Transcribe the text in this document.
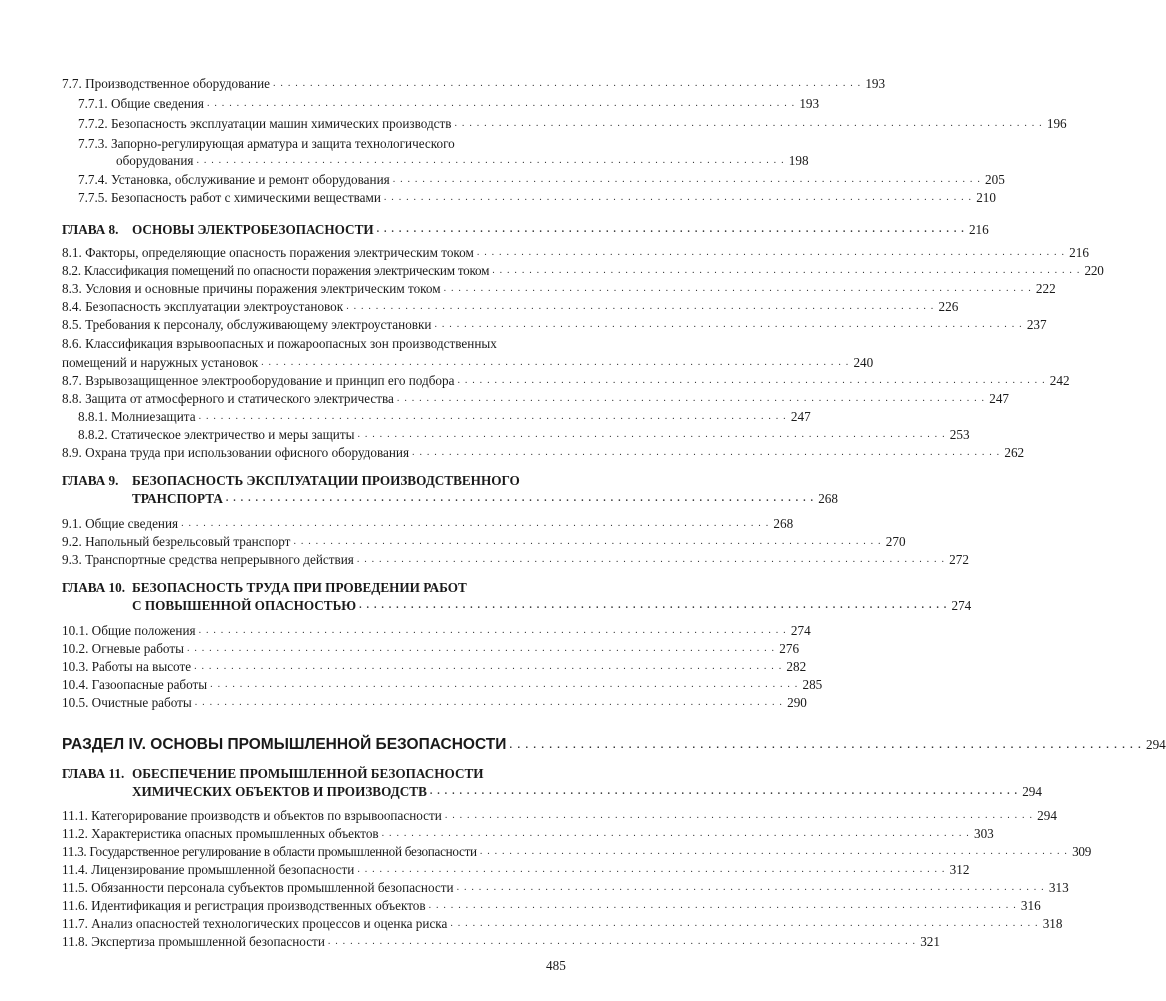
7.7. Производственное оборудование . . . . . . . . . . . . . . . . . . . . . . . . . . . . . . . . . . . . . . . . . . . . . . . . . . . . . . . . . . . . . . . . . . . . . . . . . . . . . . . . 193
7.7.1. Общие сведения . . . . . . . . . . . . . . . . . . . . . . . . . . . . . . . . . . . . . . . . . . . . . . . . . . . . . . . . . . . . . . . . . . . . . . . . . . . . . . . . 193
7.7.2. Безопасность эксплуатации машин химических производств . . . . . . . . . . . . . . . . . . . . . . . . . . . . . . . . . . . . . . . . . . . . . . . . . . . . . . . . . . . . . . . . . . . . . . . . . . . . . . . . 196
7.7.3. Запорно-регулирующая арматура и защита технологического
оборудования . . . . . . . . . . . . . . . . . . . . . . . . . . . . . . . . . . . . . . . . . . . . . . . . . . . . . . . . . . . . . . . . . . . . . . . . . . . . . . . . 198
7.7.4. Установка, обслуживание и ремонт оборудования . . . . . . . . . . . . . . . . . . . . . . . . . . . . . . . . . . . . . . . . . . . . . . . . . . . . . . . . . . . . . . . . . . . . . . . . . . . . . . . . 205
7.7.5. Безопасность работ с химическими веществами . . . . . . . . . . . . . . . . . . . . . . . . . . . . . . . . . . . . . . . . . . . . . . . . . . . . . . . . . . . . . . . . . . . . . . . . . . . . . . . . 210
ГЛАВА 8. ОСНОВЫ ЭЛЕКТРОБЕЗОПАСНОСТИ . . . . . . . . . . . . . . . . . . . . . . . . . . . . . . . . . . . . . . . . . . . . . . . . . . . . . . . . . . . . . . . . . . . . . . . . . . . . . . . . 216
8.1. Факторы, определяющие опасность поражения электрическим током . . . . . . . . . . . . . . . . . . . . . . . . . . . . . . . . . . . . . . . . . . . . . . . . . . . . . . . . . . . . . . . . . . . . . . . . . . . . . . . . 216
8.2. Классификация помещений по опасности поражения электрическим током . . . . . . . . . . . . . . . . . . . . . . . . . . . . . . . . . . . . . . . . . . . . . . . . . . . . . . . . . . . . . . . . . . . . . . . . . . . . . . . . 220
8.3. Условия и основные причины поражения электрическим током . . . . . . . . . . . . . . . . . . . . . . . . . . . . . . . . . . . . . . . . . . . . . . . . . . . . . . . . . . . . . . . . . . . . . . . . . . . . . . . . 222
8.4. Безопасность эксплуатации электроустановок . . . . . . . . . . . . . . . . . . . . . . . . . . . . . . . . . . . . . . . . . . . . . . . . . . . . . . . . . . . . . . . . . . . . . . . . . . . . . . . . 226
8.5. Требования к персоналу, обслуживающему электроустановки . . . . . . . . . . . . . . . . . . . . . . . . . . . . . . . . . . . . . . . . . . . . . . . . . . . . . . . . . . . . . . . . . . . . . . . . . . . . . . . . 237
8.6. Классификация взрывоопасных и пожароопасных зон производственных
помещений и наружных установок . . . . . . . . . . . . . . . . . . . . . . . . . . . . . . . . . . . . . . . . . . . . . . . . . . . . . . . . . . . . . . . . . . . . . . . . . . . . . . . . 240
8.7. Взрывозащищенное электрооборудование и принцип его подбора . . . . . . . . . . . . . . . . . . . . . . . . . . . . . . . . . . . . . . . . . . . . . . . . . . . . . . . . . . . . . . . . . . . . . . . . . . . . . . . . 242
8.8. Защита от атмосферного и статического электричества . . . . . . . . . . . . . . . . . . . . . . . . . . . . . . . . . . . . . . . . . . . . . . . . . . . . . . . . . . . . . . . . . . . . . . . . . . . . . . . . 247
8.8.1. Молниезащита . . . . . . . . . . . . . . . . . . . . . . . . . . . . . . . . . . . . . . . . . . . . . . . . . . . . . . . . . . . . . . . . . . . . . . . . . . . . . . . . 247
8.8.2. Статическое электричество и меры защиты . . . . . . . . . . . . . . . . . . . . . . . . . . . . . . . . . . . . . . . . . . . . . . . . . . . . . . . . . . . . . . . . . . . . . . . . . . . . . . . . 253
8.9. Охрана труда при использовании офисного оборудования . . . . . . . . . . . . . . . . . . . . . . . . . . . . . . . . . . . . . . . . . . . . . . . . . . . . . . . . . . . . . . . . . . . . . . . . . . . . . . . . 262
ГЛАВА 9. БЕЗОПАСНОСТЬ ЭКСПЛУАТАЦИИ ПРОИЗВОДСТВЕННОГО
ТРАНСПОРТА . . . . . . . . . . . . . . . . . . . . . . . . . . . . . . . . . . . . . . . . . . . . . . . . . . . . . . . . . . . . . . . . . . . . . . . . . . . . . . . . 268
9.1. Общие сведения . . . . . . . . . . . . . . . . . . . . . . . . . . . . . . . . . . . . . . . . . . . . . . . . . . . . . . . . . . . . . . . . . . . . . . . . . . . . . . . . 268
9.2. Напольный безрельсовый транспорт . . . . . . . . . . . . . . . . . . . . . . . . . . . . . . . . . . . . . . . . . . . . . . . . . . . . . . . . . . . . . . . . . . . . . . . . . . . . . . . . 270
9.3. Транспортные средства непрерывного действия . . . . . . . . . . . . . . . . . . . . . . . . . . . . . . . . . . . . . . . . . . . . . . . . . . . . . . . . . . . . . . . . . . . . . . . . . . . . . . . . 272
ГЛАВА 10. БЕЗОПАСНОСТЬ ТРУДА ПРИ ПРОВЕДЕНИИ РАБОТ
С ПОВЫШЕННОЙ ОПАСНОСТЬЮ . . . . . . . . . . . . . . . . . . . . . . . . . . . . . . . . . . . . . . . . . . . . . . . . . . . . . . . . . . . . . . . . . . . . . . . . . . . . . . . . 274
10.1. Общие положения . . . . . . . . . . . . . . . . . . . . . . . . . . . . . . . . . . . . . . . . . . . . . . . . . . . . . . . . . . . . . . . . . . . . . . . . . . . . . . . . 274
10.2. Огневые работы . . . . . . . . . . . . . . . . . . . . . . . . . . . . . . . . . . . . . . . . . . . . . . . . . . . . . . . . . . . . . . . . . . . . . . . . . . . . . . . . 276
10.3. Работы на высоте . . . . . . . . . . . . . . . . . . . . . . . . . . . . . . . . . . . . . . . . . . . . . . . . . . . . . . . . . . . . . . . . . . . . . . . . . . . . . . . . 282
10.4. Газоопасные работы . . . . . . . . . . . . . . . . . . . . . . . . . . . . . . . . . . . . . . . . . . . . . . . . . . . . . . . . . . . . . . . . . . . . . . . . . . . . . . . . 285
10.5. Очистные работы . . . . . . . . . . . . . . . . . . . . . . . . . . . . . . . . . . . . . . . . . . . . . . . . . . . . . . . . . . . . . . . . . . . . . . . . . . . . . . . . 290
РАЗДЕЛ IV. ОСНОВЫ ПРОМЫШЛЕННОЙ БЕЗОПАСНОСТИ . . . . . . . . . . . . . . . . . . . . . . . . . . . . . . . . . . . . . . . . . . . . . . . . . . . . . . . . . . . . . . . . . . . . . . . . . . . . . . . . 294
ГЛАВА 11. ОБЕСПЕЧЕНИЕ ПРОМЫШЛЕННОЙ БЕЗОПАСНОСТИ
ХИМИЧЕСКИХ ОБЪЕКТОВ И ПРОИЗВОДСТВ . . . . . . . . . . . . . . . . . . . . . . . . . . . . . . . . . . . . . . . . . . . . . . . . . . . . . . . . . . . . . . . . . . . . . . . . . . . . . . . . 294
11.1. Категорирование производств и объектов по взрывоопасности . . . . . . . . . . . . . . . . . . . . . . . . . . . . . . . . . . . . . . . . . . . . . . . . . . . . . . . . . . . . . . . . . . . . . . . . . . . . . . . . 294
11.2. Характеристика опасных промышленных объектов . . . . . . . . . . . . . . . . . . . . . . . . . . . . . . . . . . . . . . . . . . . . . . . . . . . . . . . . . . . . . . . . . . . . . . . . . . . . . . . . 303
11.3. Государственное регулирование в области промышленной безопасности . . . . . . . . . . . . . . . . . . . . . . . . . . . . . . . . . . . . . . . . . . . . . . . . . . . . . . . . . . . . . . . . . . . . . . . . . . . . . . . . 309
11.4. Лицензирование промышленной безопасности . . . . . . . . . . . . . . . . . . . . . . . . . . . . . . . . . . . . . . . . . . . . . . . . . . . . . . . . . . . . . . . . . . . . . . . . . . . . . . . . 312
11.5. Обязанности персонала субъектов промышленной безопасности . . . . . . . . . . . . . . . . . . . . . . . . . . . . . . . . . . . . . . . . . . . . . . . . . . . . . . . . . . . . . . . . . . . . . . . . . . . . . . . . 313
11.6. Идентификация и регистрация производственных объектов . . . . . . . . . . . . . . . . . . . . . . . . . . . . . . . . . . . . . . . . . . . . . . . . . . . . . . . . . . . . . . . . . . . . . . . . . . . . . . . . 316
11.7. Анализ опасностей технологических процессов и оценка риска . . . . . . . . . . . . . . . . . . . . . . . . . . . . . . . . . . . . . . . . . . . . . . . . . . . . . . . . . . . . . . . . . . . . . . . . . . . . . . . . 318
11.8. Экспертиза промышленной безопасности . . . . . . . . . . . . . . . . . . . . . . . . . . . . . . . . . . . . . . . . . . . . . . . . . . . . . . . . . . . . . . . . . . . . . . . . . . . . . . . . 321
485
